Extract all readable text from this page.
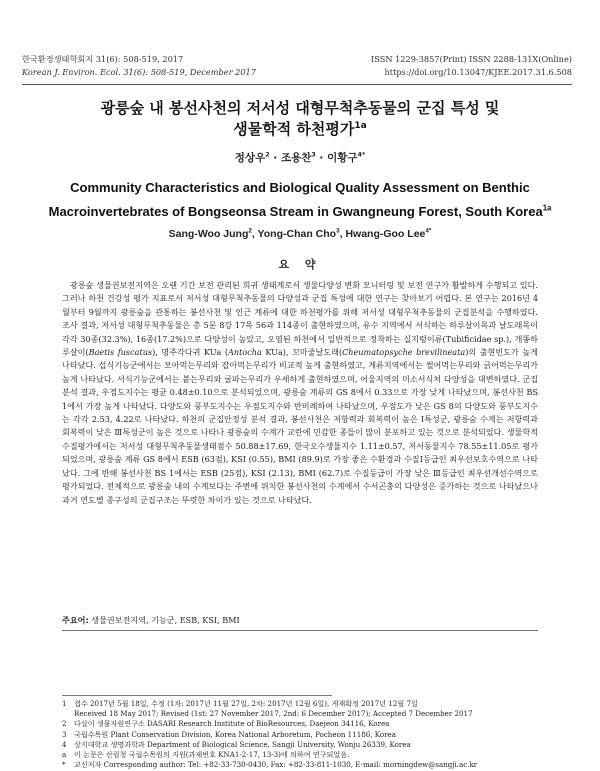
한국환경생태학회지 31(6): 508-519, 2017
Korean J. Environ. Ecol. 31(6): 508-519, December 2017
ISSN 1229-3857(Print) ISSN 2288-131X(Online)
https://doi.org/10.13047/KJEE.2017.31.6.508
광릉숲 내 봉선사천의 저서성 대형무척추동물의 군집 특성 및
생물학적 하천평가$^{1a}$
정상우$^2$ · 조용찬$^3$ · 이황구$^{4*}$
Community Characteristics and Biological Quality Assessment on Benthic
Macroinvertebrates of Bongseonsa Stream in Gwangneung Forest, South Korea$^{1a}$
Sang-Woo Jung$^2$, Yong-Chan Cho$^3$, Hwang-Goo Lee$^{4*}$
요 약
광릉숲 생물권보전지역은 오랜 기간 보전 관리된 희귀 생태계로서 생물다양성 변화 모니터링 및 보전 연구가 활발하게 수행되고 있다. 그러나 하천 건강성 평가 지표로서 저서성 대형무척추동물의 다양성과 군집 특성에 대한 연구는 찾아보기 어렵다. 본 연구는 2016년 4월부터 9월까지 광릉숲을 관통하는 봉선사천 및 인근 계류에 대한 하천평가를 위해 저서성 대형무척추동물의 군집분석을 수행하였다. 조사 결과, 저서성 대형무척추동물은 총 5문 8강 17목 56과 114종이 출현하였으며, 유수 지역에서 서식하는 하루살이목과 날도래목이 각각 30종(32.3%), 16종(17.2%)으로 다양성이 높았고, 오염된 하천에서 일반적으로 정착하는 실지렁이류(Tubificidae sp.), 개똥하루살이(Baetis fuscatus), 명주각다귀 KUa (Antocha KUa), 꼬마줄날도래(Cheumatopsyche brevilineata)의 출현빈도가 높게 나타났다. 섭식기능군에서는 모아먹는무리와 잡아먹는무리가 비교적 높게 출현하였고, 계류지역에서는 썰어먹는무리와 긁어먹는무리가 높게 나타났다. 서식기능군에서는 붙는무리와 굴파는무리가 우세하게 출현하였으며, 어울지역의 미소서식처 다양성을 대변하였다. 군집분석 결과, 우점도지수는 평균 0.48±0.10으로 분석되었으며, 광릉숲 계류의 GS 8에서 0.33으로 가장 낮게 나타났으며, 봉선사천 BS 1에서 가장 높게 나타났다. 다양도와 풍부도지수는 우점도지수와 반비례하여 나타났으며, 우점도가 낮은 GS 8의 다양도와 풍부도지수는 각각 2.53, 4.22로 나타났다. 하천의 군집안정성 분석 결과, 봉선사천은 저항력과 회복력이 높은 I특성군, 광릉숲 수계는 저항력과 회복력이 낮은 Ⅲ특성군이 높은 것으로 나타나 광릉숲의 수계가 교란에 민감한 종들이 많이 분포하고 있는 것으로 분석되었다. 생물학적 수질평가에서는 저서성 대형무척추동물생태점수 50.88±17.69, 한국오수생물지수 1.11±0.57, 저서동물지수 78.55±11.05로 평가되었으며, 광릉숲 계류 GS 8에서 ESB (63점), KSI (0.55), BMI (89.9)로 가장 좋은 수환경과 수질Ⅰ등급인 최우선보호수역으로 나타났다. 그에 반해 봉선사천 BS 1에서는 ESB (25점), KSI (2.13), BMI (62.7)로 수질등급이 가장 낮은 Ⅲ등급인 최우선개선수역으로 평가되었다. 전체적으로 광릉숲 내의 수계보다는 주변에 위치한 봉선사천의 수계에서 수서곤충의 다양성은 증가하는 것으로 나타났으나 과거 연도별 종구성의 군집구조는 뚜렷한 차이가 있는 것으로 나타났다.
주요어: 생물권보전지역, 기능군, ESB, KSI, BMI
1	접수 2017년 5월 18일, 수정 (1차: 2017년 11월 27일, 2차: 2017년 12월 6일), 게재확정 2017년 12월 7일
Received 18 May 2017; Revised (1st: 27 November 2017, 2nd: 6 December 2017); Accepted 7 December 2017
2	다살이 생물자원연구소 DASARI Research Institute of BioResources, Daejeon 34116, Korea
3	국립수목원 Plant Conservation Division, Korea National Arboretum, Pocheon 11186, Korea
4	상지대학교 생명과학과 Department of Biological Science, Sangji University, Wonju 26339, Korea
a	이 논문은 산림청 국립수목원의 지원(과제번호 KNA1-2-17, 13-3)에 의하여 연구되었음.
*	교신저자 Corresponding author: Tel: +82-33-730-0430, Fax: +82-33-811-1030, E-mail: morningdew@sangji.ac.kr
